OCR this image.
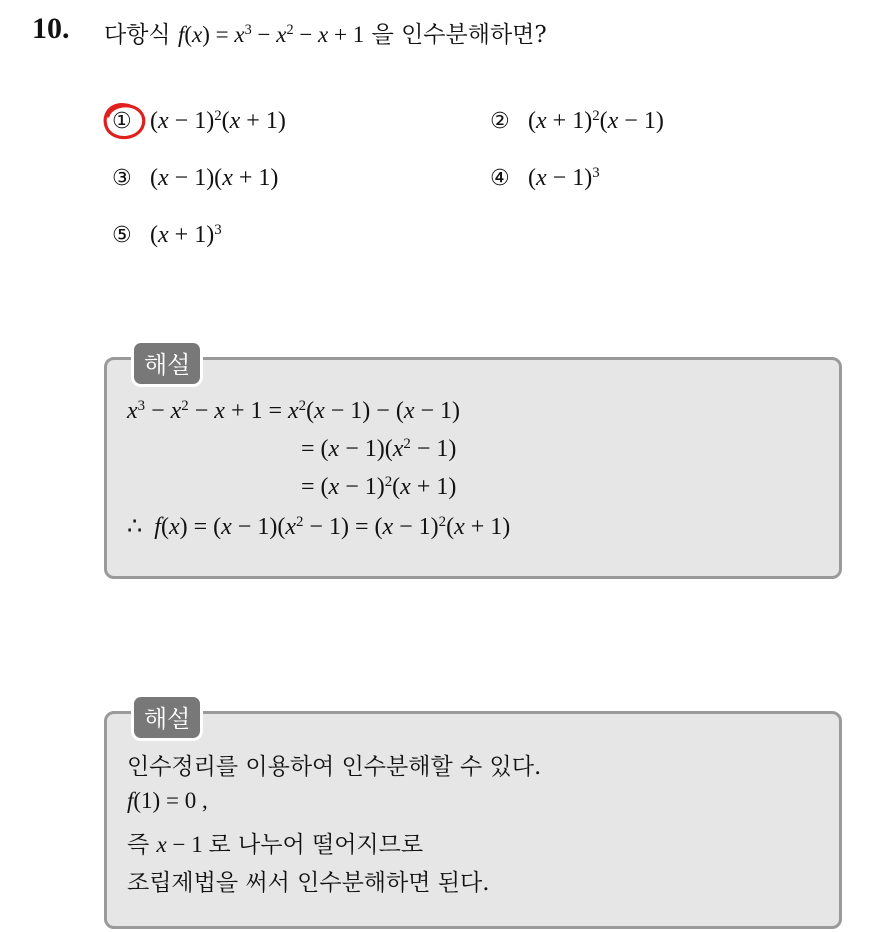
10. 다항식 $f(x) = x^3 - x^2 - x + 1$ 을 인수분해하면?
① $(x - 1)^2(x + 1)$	② $(x + 1)^2(x - 1)$
③ (x − 1)(x + 1)	④ $(x - 1)^3$
⑤ $(x + 1)^3$
해설
$x^3 - x^2 - x + 1 = x^2(x - 1) - (x - 1)$
= $(x - 1)(x^2 - 1)$
= $(x - 1)^2(x + 1)$
∴  $f(x) = (x - 1)(x^2 - 1) = (x - 1)^2(x + 1)$
해설
인수정리를 이용하여 인수분해할 수 있다.
f(1) = 0 ,
즉 x − 1 로 나누어 떨어지므로
조립제법을 써서 인수분해하면 된다.
